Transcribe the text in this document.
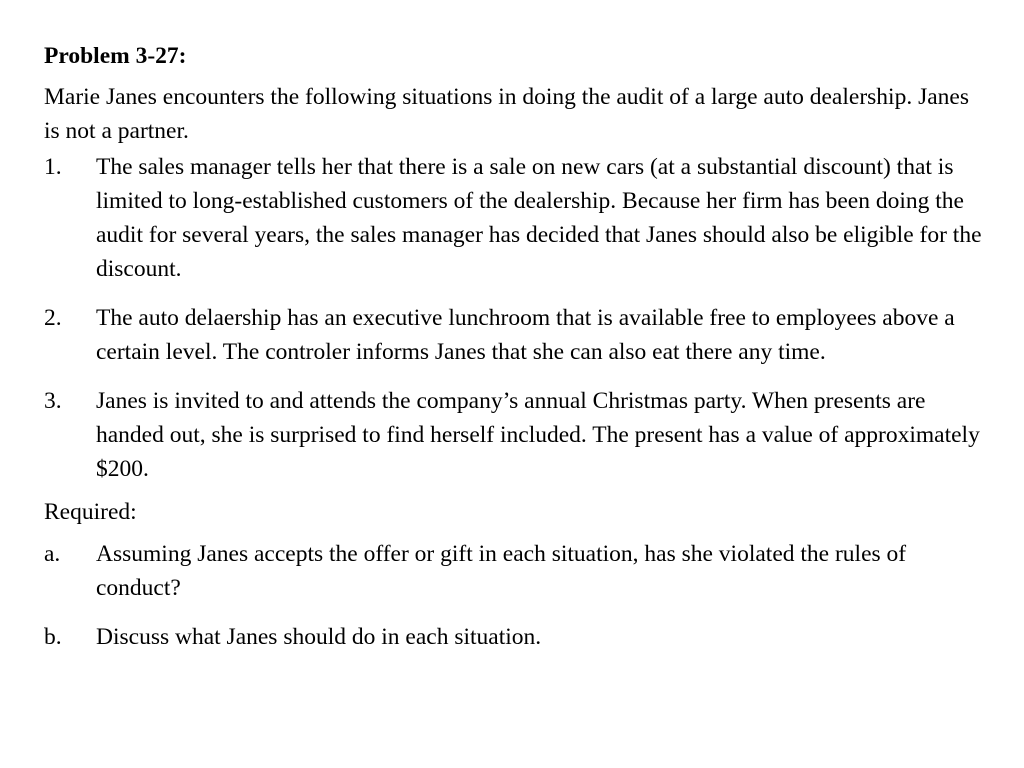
Problem 3-27:
Marie Janes encounters the following situations in doing the audit of a large auto dealership. Janes is not a partner.
1.	The sales manager tells her that there is a sale on new cars (at a substantial discount) that is limited to long-established customers of the dealership. Because her firm has been doing the audit for several years, the sales manager has decided that Janes should also be eligible for the discount.
2.	The auto delaership has an executive lunchroom that is available free to employees above a certain level. The controler informs Janes that she can also eat there any time.
3.	Janes is invited to and attends the company’s annual Christmas party. When presents are handed out, she is surprised to find herself included. The present has a value of approximately $200.
Required:
a.	Assuming Janes accepts the offer or gift in each situation, has she violated the rules of conduct?
b.	Discuss what Janes should do in each situation.
